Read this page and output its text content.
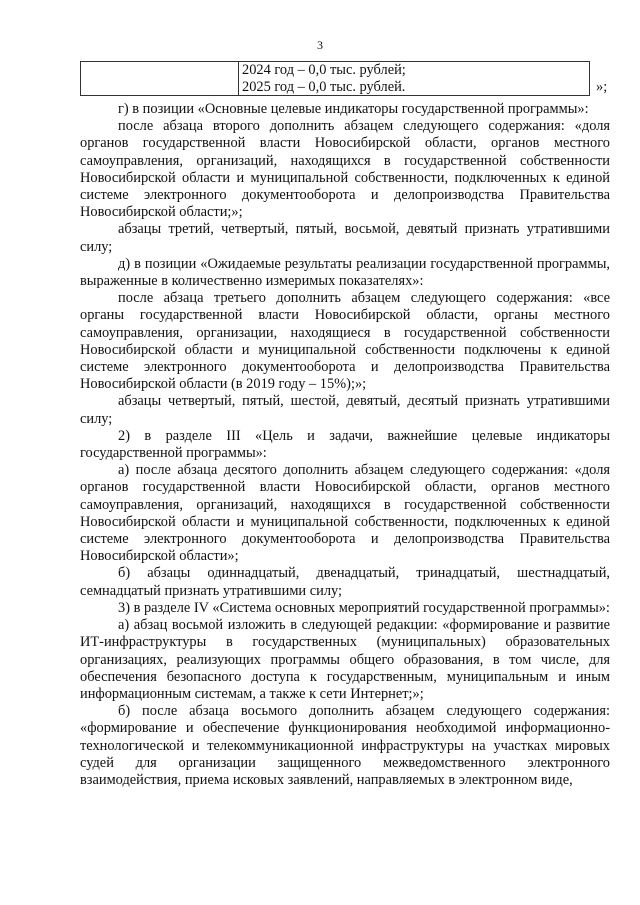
3
2024 год – 0,0 тыс. рублей;
2025 год – 0,0 тыс. рублей.	»;

г) в позиции «Основные целевые индикаторы государственной программы»:

после абзаца второго дополнить абзацем следующего содержания: «доля органов государственной власти Новосибирской области, органов местного самоуправления, организаций, находящихся в государственной собственности Новосибирской области и муниципальной собственности, подключенных к единой системе электронного документооборота и делопроизводства Правительства Новосибирской области;»;

абзацы третий, четвертый, пятый, восьмой, девятый признать утратившими силу;

д) в позиции «Ожидаемые результаты реализации государственной программы, выраженные в количественно измеримых показателях»:

после абзаца третьего дополнить абзацем следующего содержания: «все органы государственной власти Новосибирской области, органы местного самоуправления, организации, находящиеся в государственной собственности Новосибирской области и муниципальной собственности подключены к единой системе электронного документооборота и делопроизводства Правительства Новосибирской области (в 2019 году – 15%);»;

абзацы четвертый, пятый, шестой, девятый, десятый признать утратившими силу;

2) в разделе III «Цель и задачи, важнейшие целевые индикаторы государственной программы»:

а) после абзаца десятого дополнить абзацем следующего содержания: «доля органов государственной власти Новосибирской области, органов местного самоуправления, организаций, находящихся в государственной собственности Новосибирской области и муниципальной собственности, подключенных к единой системе электронного документооборота и делопроизводства Правительства Новосибирской области»;

б) абзацы одиннадцатый, двенадцатый, тринадцатый, шестнадцатый, семнадцатый признать утратившими силу;

3) в разделе IV «Система основных мероприятий государственной программы»:

а) абзац восьмой изложить в следующей редакции: «формирование и развитие ИТ-инфраструктуры в государственных (муниципальных) образовательных организациях, реализующих программы общего образования, в том числе, для обеспечения безопасного доступа к государственным, муниципальным и иным информационным системам, а также к сети Интернет;»;

б) после абзаца восьмого дополнить абзацем следующего содержания: «формирование и обеспечение функционирования необходимой информационно-технологической и телекоммуникационной инфраструктуры на участках мировых судей для организации защищенного межведомственного электронного взаимодействия, приема исковых заявлений, направляемых в электронном виде,
